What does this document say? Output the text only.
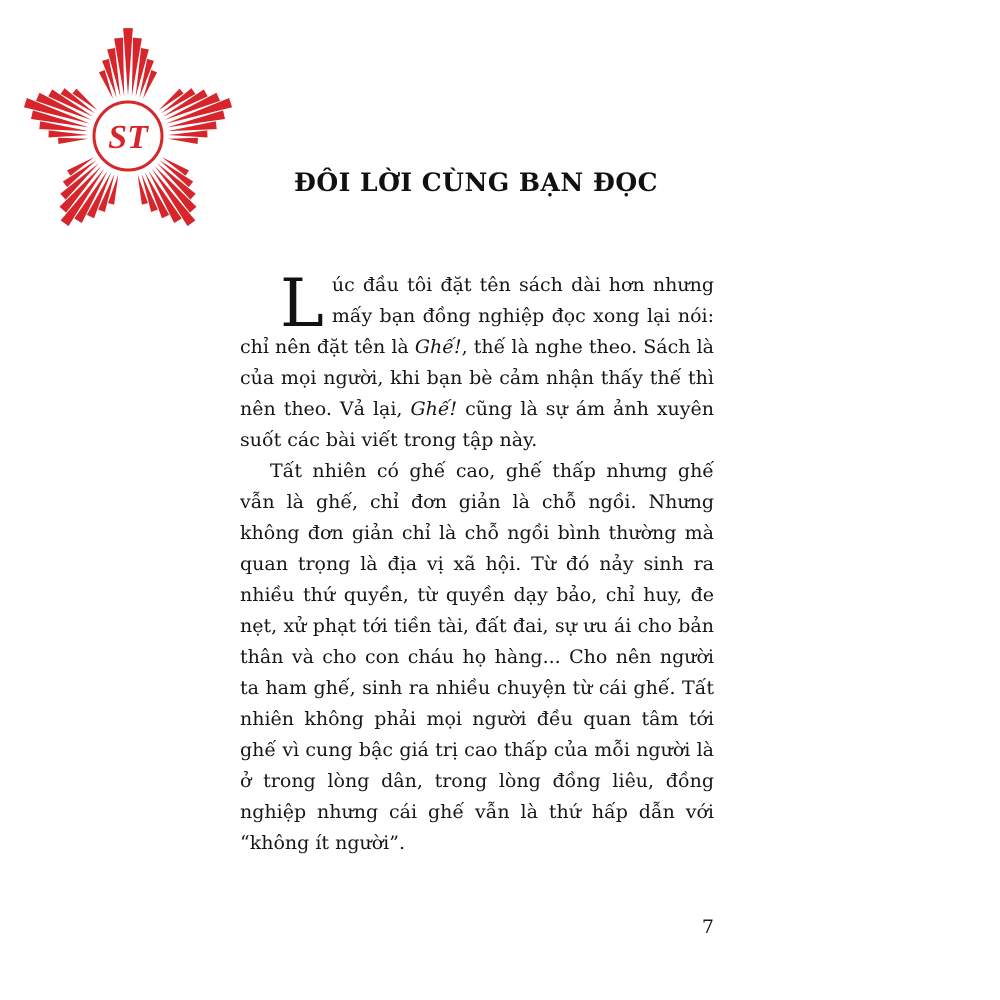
ST
ĐÔI LỜI CÙNG BẠN ĐỌC

Lúc đầu tôi đặt tên sách dài hơn nhưng mấy bạn đồng nghiệp đọc xong lại nói: chỉ nên đặt tên là Ghế!, thế là nghe theo. Sách là của mọi người, khi bạn bè cảm nhận thấy thế thì nên theo. Vả lại, Ghế! cũng là sự ám ảnh xuyên suốt các bài viết trong tập này.

Tất nhiên có ghế cao, ghế thấp nhưng ghế vẫn là ghế, chỉ đơn giản là chỗ ngồi. Nhưng không đơn giản chỉ là chỗ ngồi bình thường mà quan trọng là địa vị xã hội. Từ đó nảy sinh ra nhiều thứ quyền, từ quyền dạy bảo, chỉ huy, đe nẹt, xử phạt tới tiền tài, đất đai, sự ưu ái cho bản thân và cho con cháu họ hàng... Cho nên người ta ham ghế, sinh ra nhiều chuyện từ cái ghế. Tất nhiên không phải mọi người đều quan tâm tới ghế vì cung bậc giá trị cao thấp của mỗi người là ở trong lòng dân, trong lòng đồng liêu, đồng nghiệp nhưng cái ghế vẫn là thứ hấp dẫn với “không ít người”.

7
